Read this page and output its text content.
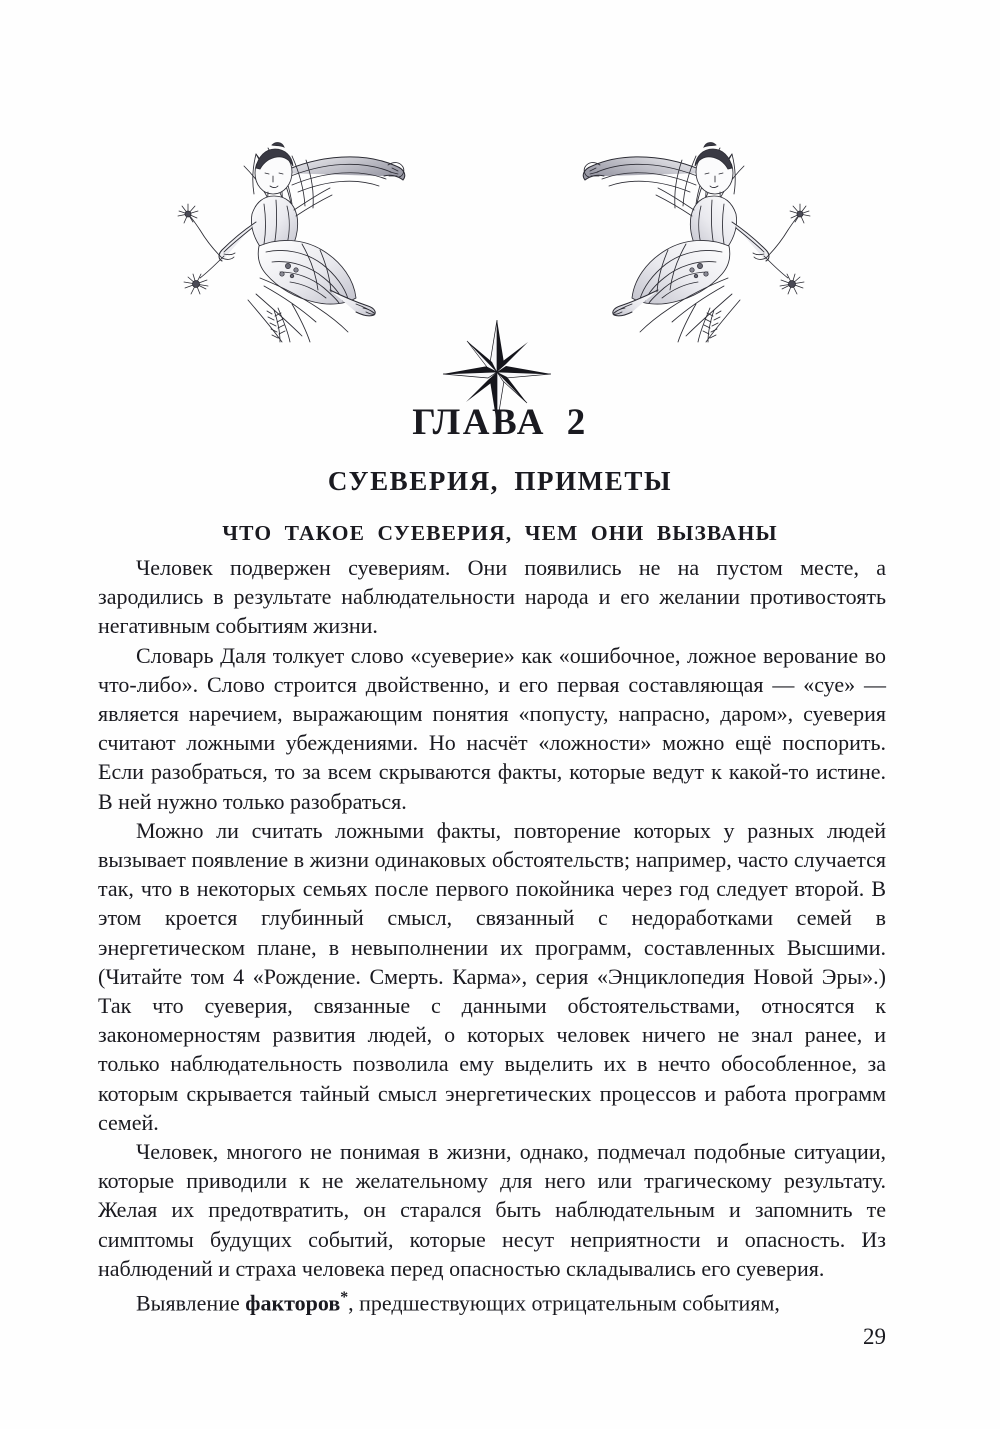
ГЛАВА 2
СУЕВЕРИЯ, ПРИМЕТЫ
ЧТО ТАКОЕ СУЕВЕРИЯ, ЧЕМ ОНИ ВЫЗВАНЫ

Человек подвержен суевериям. Они появились не на пустом месте, а зародились в результате наблюдательности народа и его желании противостоять негативным событиям жизни.

Словарь Даля толкует слово «суеверие» как «ошибочное, ложное верование во что-либо». Слово строится двойственно, и его первая составляющая — «суе» — является наречием, выражающим понятия «попусту, напрасно, даром», суеверия считают ложными убеждениями. Но насчёт «ложности» можно ещё поспорить. Если разобраться, то за всем скрываются факты, которые ведут к какой-то истине. В ней нужно только разобраться.

Можно ли считать ложными факты, повторение которых у разных людей вызывает появление в жизни одинаковых обстоятельств; например, часто случается так, что в некоторых семьях после первого покойника через год следует второй. В этом кроется глубинный смысл, связанный с недоработками семей в энергетическом плане, в невыполнении их программ, составленных Высшими. (Читайте том 4 «Рождение. Смерть. Карма», серия «Энциклопедия Новой Эры».) Так что суеверия, связанные с данными обстоятельствами, относятся к закономерностям развития людей, о которых человек ничего не знал ранее, и только наблюдательность позволила ему выделить их в нечто обособленное, за которым скрывается тайный смысл энергетических процессов и работа программ семей.

Человек, многого не понимая в жизни, однако, подмечал подобные ситуации, которые приводили к не желательному для него или трагическому результату. Желая их предотвратить, он старался быть наблюдательным и запомнить те симптомы будущих событий, которые несут неприятности и опасность. Из наблюдений и страха человека перед опасностью складывались его суеверия.

Выявление факторов*, предшествующих отрицательным событиям,

29
